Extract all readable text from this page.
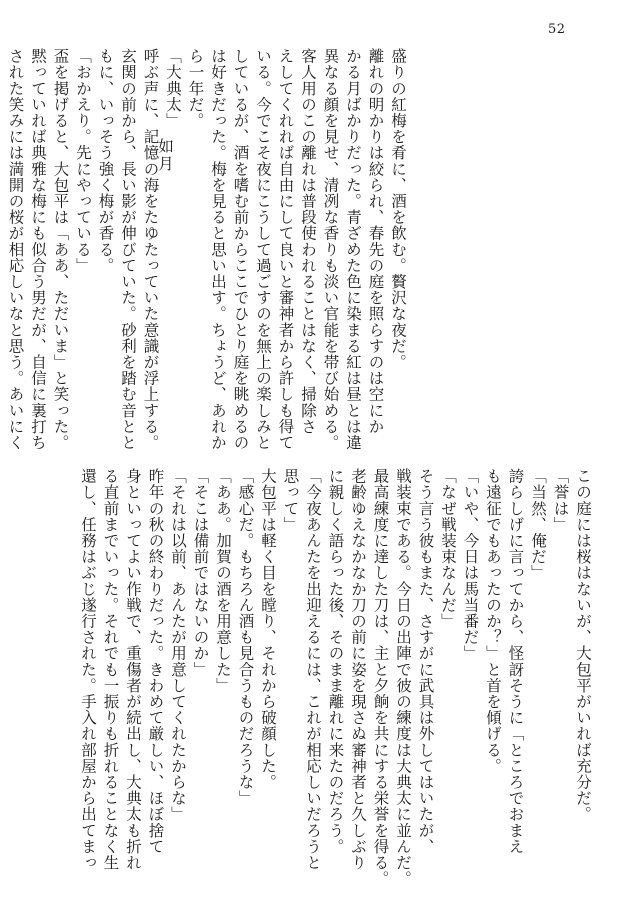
52
如月	盛りの紅梅を肴に、酒を飲む。贅沢な夜だ。
離れの明かりは絞られ、春先の庭を照らすのは空にか
かる月ばかりだった。青ざめた色に染まる紅は昼とは違
異なる顔を見せ、清冽な香りも淡い官能を帯び始める。
客人用のこの離れは普段使われることはなく、掃除さ
えしてくれれば自由にして良いと審神者から許しも得て
いる。今でこそ夜にこうして過ごすのを無上の楽しみと
しているが、酒を嗜む前からここでひとり庭を眺めるの
は好きだった。梅を見ると思い出す。ちょうど、あれか
ら一年だ。
「大典太」
呼ぶ声に、記憶の海をたゆたっていた意識が浮上する。
玄関の前から、長い影が伸びていた。砂利を踏む音とと
もに、いっそう強く梅が香る。
「おかえり。先にやっている」
盃を掲げると、大包平は「ああ、ただいま」と笑った。
黙っていれば典雅な梅にも似合う男だが、自信に裏打ち
された笑みには満開の桜が相応しいなと思う。あいにく
この庭には桜はないが、大包平がいれば充分だ。
「誉は」
「当然、俺だ」
誇らしげに言ってから、怪訝そうに「ところでおまえ
も遠征でもあったのか？」と首を傾げる。
「いや、今日は馬当番だ」
「なぜ戦装束なんだ」
そう言う彼もまた、さすがに武具は外してはいたが、
戦装束である。今日の出陣で彼の練度は大典太に並んだ。
最高練度に達した刀は、主と夕餉を共にする栄誉を得る。
老齢ゆえなかなか刀の前に姿を現さぬ審神者と久しぶり
に親しく語らった後、そのまま離れに来たのだろう。
「今夜あんたを出迎えるには、これが相応しいだろうと
思って」
大包平は軽く目を瞠り、それから破顔した。
「感心だ。もちろん酒も見合うものだろうな」
「ああ。加賀の酒を用意した」
「そこは備前ではないのか」
「それは以前、あんたが用意してくれたからな」
昨年の秋の終わりだった。きわめて厳しい、ほぼ捨て
身といってよい作戦で、重傷者が続出し、大典太も折れ
る直前までいった。それでも一振りも折れることなく生
還し、任務はぶじ遂行された。手入れ部屋から出てまっ
